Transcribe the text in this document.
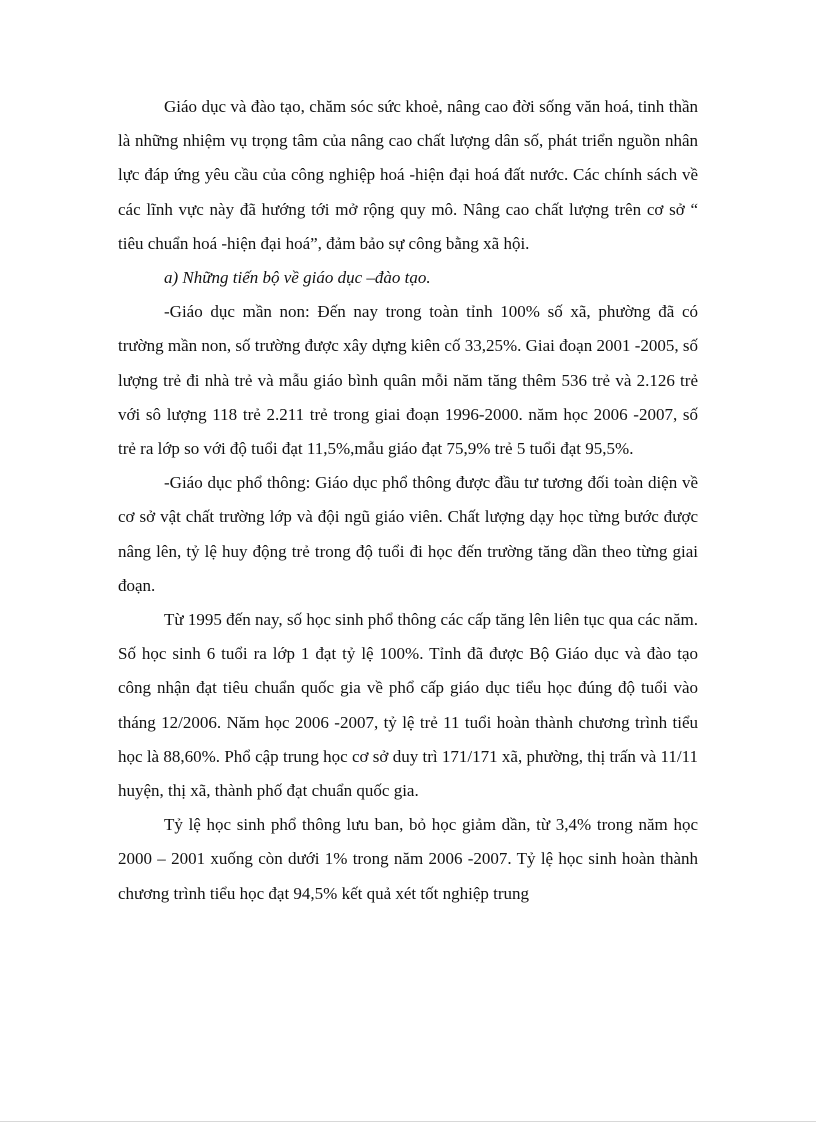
Giáo dục và đào tạo, chăm sóc sức khoẻ, nâng cao đời sống văn hoá, tinh thần là những nhiệm vụ trọng tâm của nâng cao chất lượng dân số, phát triển nguồn nhân lực đáp ứng yêu cầu của công nghiệp hoá -hiện đại hoá đất nước. Các chính sách về các lĩnh vực này đã hướng tới mở rộng quy mô. Nâng cao chất lượng trên cơ sở “ tiêu chuẩn hoá -hiện đại hoá”, đảm bảo sự công bằng xã hội.

a) Những tiến bộ về giáo dục –đào tạo.

-Giáo dục mần non: Đến nay trong toàn tỉnh 100% số xã, phường đã có trường mần non, số trường được xây dựng kiên cố 33,25%. Giai đoạn 2001 -2005, số lượng trẻ đi nhà trẻ và mẫu giáo bình quân mỗi năm tăng thêm 536 trẻ và 2.126 trẻ với sô lượng 118 trẻ 2.211 trẻ trong giai đoạn 1996-2000. năm học 2006 -2007, số trẻ ra lớp so với độ tuổi đạt 11,5%,mẫu giáo đạt 75,9% trẻ 5 tuổi đạt 95,5%.

-Giáo dục phổ thông: Giáo dục phổ thông được đầu tư tương đối toàn diện về cơ sở vật chất trường lớp và đội ngũ giáo viên. Chất lượng dạy học từng bước được nâng lên, tỷ lệ huy động trẻ trong độ tuổi đi học đến trường tăng dần theo từng giai đoạn.

Từ 1995 đến nay, số học sinh phổ thông các cấp tăng lên liên tục qua các năm. Số học sinh 6 tuổi ra lớp 1 đạt tỷ lệ 100%. Tỉnh đã được Bộ Giáo dục và đào tạo công nhận đạt tiêu chuẩn quốc gia về phổ cấp giáo dục tiểu học đúng độ tuổi vào tháng 12/2006. Năm học 2006 -2007, tỷ lệ trẻ 11 tuổi hoàn thành chương trình tiểu học là 88,60%. Phổ cập trung học cơ sở duy trì 171/171 xã, phường, thị trấn và 11/11 huyện, thị xã, thành phố đạt chuẩn quốc gia.

Tỷ lệ học sinh phổ thông lưu ban, bỏ học giảm dần, từ 3,4% trong năm học 2000 – 2001 xuống còn dưới 1% trong năm 2006 -2007. Tỷ lệ học sinh hoàn thành chương trình tiểu học đạt 94,5% kết quả xét tốt nghiệp trung
